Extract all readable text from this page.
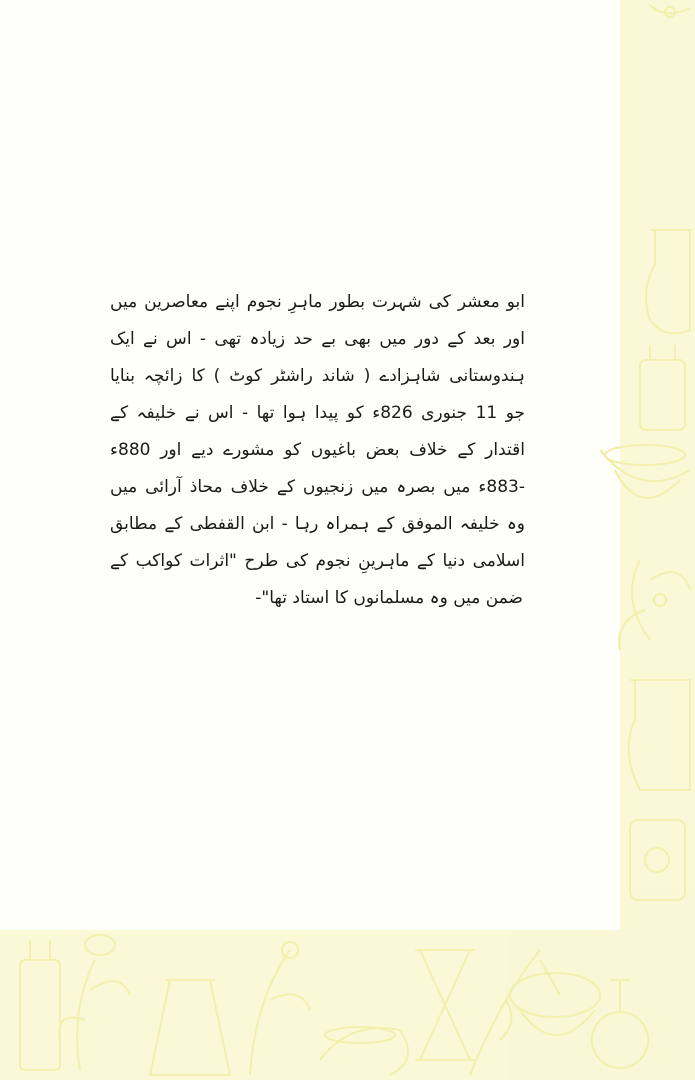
ابو معشر کی شہرت بطور ماہرِ نجوم اپنے معاصرین میں
اور بعد کے دور میں بھی بے حد زیادہ تھی - اس نے ایک
ہندوستانی شاہزادے ( شاند راشٹر کوٹ ) کا زائچہ بنایا
جو 11 جنوری 826ء کو پیدا ہوا تھا - اس نے خلیفہ کے
اقتدار کے خلاف بعض باغیوں کو مشورے دیے اور 880ء
-883ء میں بصرہ میں زنجیوں کے خلاف محاذ آرائی میں
وہ خلیفہ الموفق کے ہمراہ رہا - ابن القفطی کے مطابق
اسلامی دنیا کے ماہرینِ نجوم کی طرح "اثرات کواکب کے
ضمن میں وہ مسلمانوں کا استاد تھا"-
